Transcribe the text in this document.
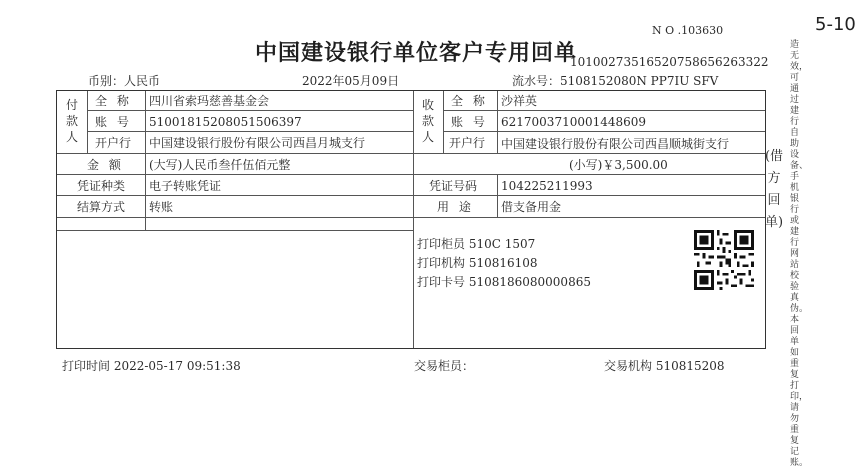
N O .103630	5-10
中国建设银行单位客户专用回单
10100273516520758656263322
币别：人民币	2022年05月09日	流水号：5108152080N PP7IU SFV
付款人
全 称 四川省索玛慈善基金会
账 号 51001815208051506397
开户行 中国建设银行股份有限公司西昌月城支行
收款人
全 称 沙祥英
账 号 6217003710001448609
开户行 中国建设银行股份有限公司西昌顺城街支行
金 额 (大写)人民币叁仟伍佰元整	(小写)￥3,500.00
凭证种类 电子转账凭证	凭证号码 104225211993
结算方式 转账	用 途 借支备用金
打印柜员 510C 1507
打印机构 510816108
打印卡号 5108186080000865
(借方回单)
造无效，可通过建行自助设备、手机银行或建行网站校验真伪。本回单如重复打印，请勿重复记账。
打印时间 2022-05-17 09:51:38	交易柜员：	交易机构 510815208
